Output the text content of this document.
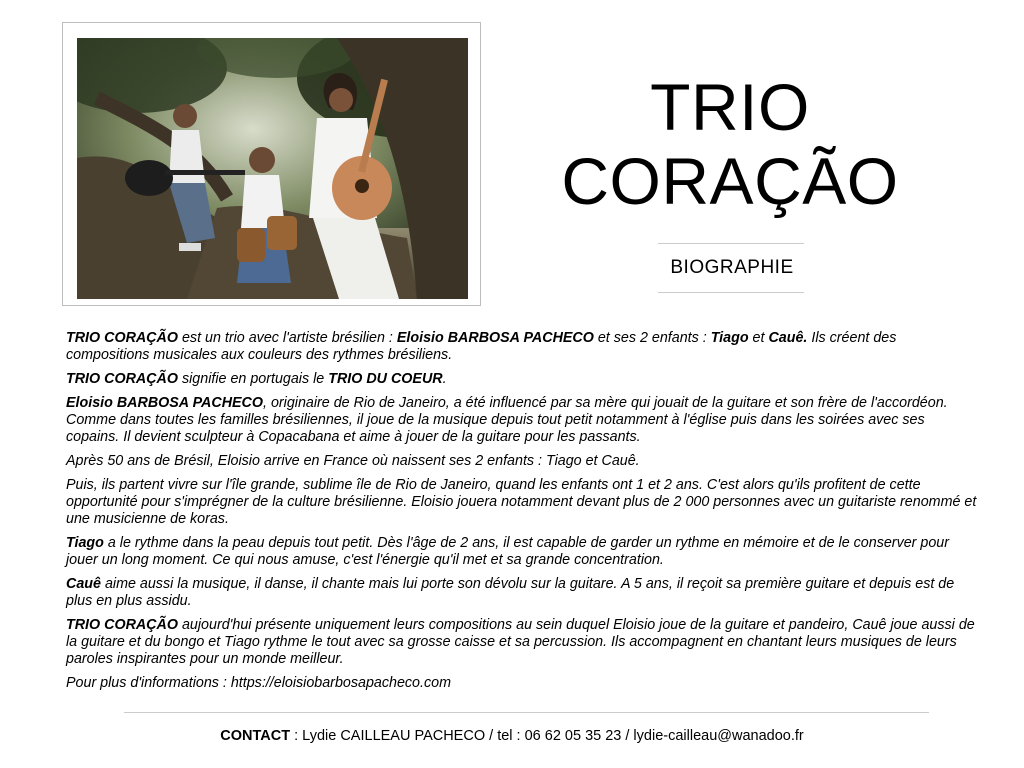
TRIO
CORAÇÃO
BIOGRAPHIE

TRIO CORAÇÃO est un trio avec l'artiste brésilien : Eloisio BARBOSA PACHECO et ses 2 enfants : Tiago et Cauê. Ils créent des compositions musicales aux couleurs des rythmes brésiliens.

TRIO CORAÇÃO signifie en portugais le TRIO DU COEUR.

Eloisio BARBOSA PACHECO, originaire de Rio de Janeiro, a été influencé par sa mère qui jouait de la guitare et son frère de l'accordéon. Comme dans toutes les familles brésiliennes, il joue de la musique depuis tout petit notamment à l'église puis dans les soirées avec ses copains. Il devient sculpteur à Copacabana et aime à jouer de la guitare pour les passants.

Après 50 ans de Brésil, Eloisio arrive en France où naissent ses 2 enfants : Tiago et Cauê.

Puis, ils partent vivre sur l'île grande, sublime île de Rio de Janeiro, quand les enfants ont 1 et 2 ans. C'est alors qu'ils profitent de cette opportunité pour s'imprégner de la culture brésilienne. Eloisio jouera notamment devant plus de 2 000 personnes avec un guitariste renommé et une musicienne de koras.

Tiago a le rythme dans la peau depuis tout petit. Dès l'âge de 2 ans, il est capable de garder un rythme en mémoire et de le conserver pour jouer un long moment. Ce qui nous amuse, c'est l'énergie qu'il met et sa grande concentration.

Cauê aime aussi la musique, il danse, il chante mais lui porte son dévolu sur la guitare. A 5 ans, il reçoit sa première guitare et depuis est de plus en plus assidu.

TRIO CORAÇÃO aujourd'hui présente uniquement leurs compositions au sein duquel Eloisio joue de la guitare et pandeiro, Cauê joue aussi de la guitare et du bongo et Tiago rythme le tout avec sa grosse caisse et sa percussion. Ils accompagnent en chantant leurs musiques de leurs paroles inspirantes pour un monde meilleur.

Pour plus d'informations : https://eloisiobarbosapacheco.com

CONTACT : Lydie CAILLEAU PACHECO / tel : 06 62 05 35 23 / lydie-cailleau@wanadoo.fr
